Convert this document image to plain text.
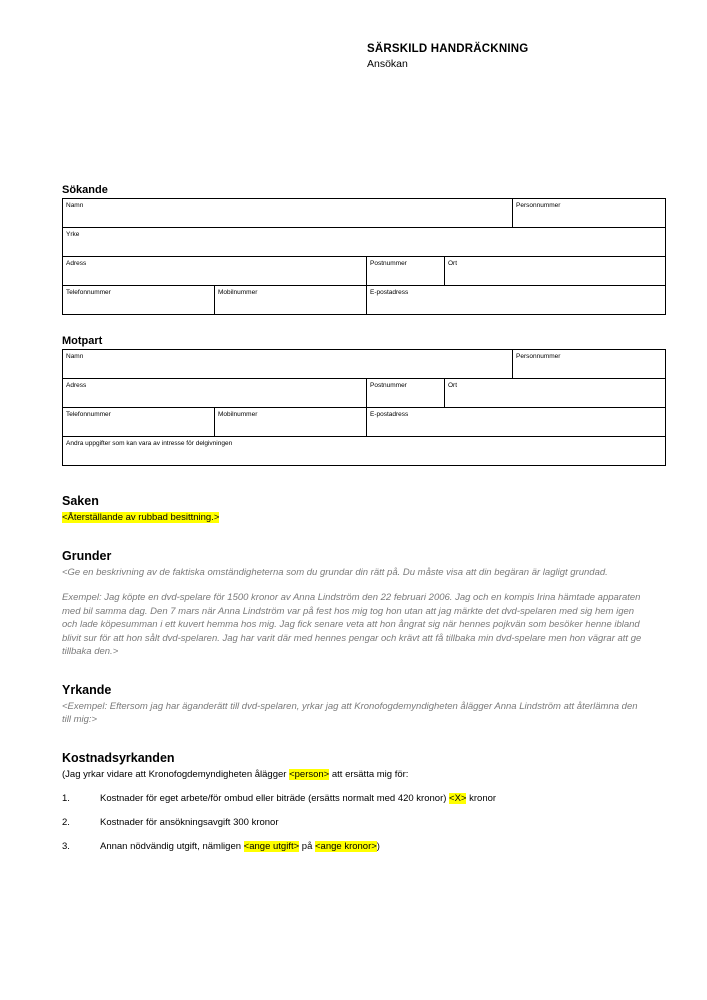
SÄRSKILD HANDRÄCKNING
Ansökan
Sökande
Namn				Personnummer
Yrke				
Adress		Postnummer	Ort	
Telefonnummer	Mobilnummer	E-postadress		
Motpart
Namn				Personnummer
Adress		Postnummer	Ort	
Telefonnummer	Mobilnummer	E-postadress		
Andra uppgifter som kan vara av intresse för delgivningen				
Saken

<Återställande av rubbad besittning.>

Grunder

<Ge en beskrivning av de faktiska omständigheterna som du grundar din rätt på. Du måste visa att din begäran är lagligt grundad.

Exempel: Jag köpte en dvd-spelare för 1500 kronor av Anna Lindström den 22 februari 2006. Jag och en kompis Irina hämtade apparaten med bil samma dag. Den 7 mars när Anna Lindström var på fest hos mig tog hon utan att jag märkte det dvd-spelaren med sig hem igen och lade köpesumman i ett kuvert hemma hos mig. Jag fick senare veta att hon ångrat sig när hennes pojkvän som besöker henne ibland blivit sur för att hon sålt dvd-spelaren. Jag har varit där med hennes pengar och krävt att få tillbaka min dvd-spelare men hon vägrar att ge tillbaka den.>

Yrkande

<Exempel: Eftersom jag har äganderätt till dvd-spelaren, yrkar jag att Kronofogdemyndigheten ålägger Anna Lindström att återlämna den till mig:>

Kostnadsyrkanden

(Jag yrkar vidare att Kronofogdemyndigheten ålägger <person> att ersätta mig för:

1.	Kostnader för eget arbete/för ombud eller biträde (ersätts normalt med 420 kronor) <X> kronor
2.	Kostnader för ansökningsavgift 300 kronor
3.	Annan nödvändig utgift, nämligen <ange utgift> på <ange kronor>)
